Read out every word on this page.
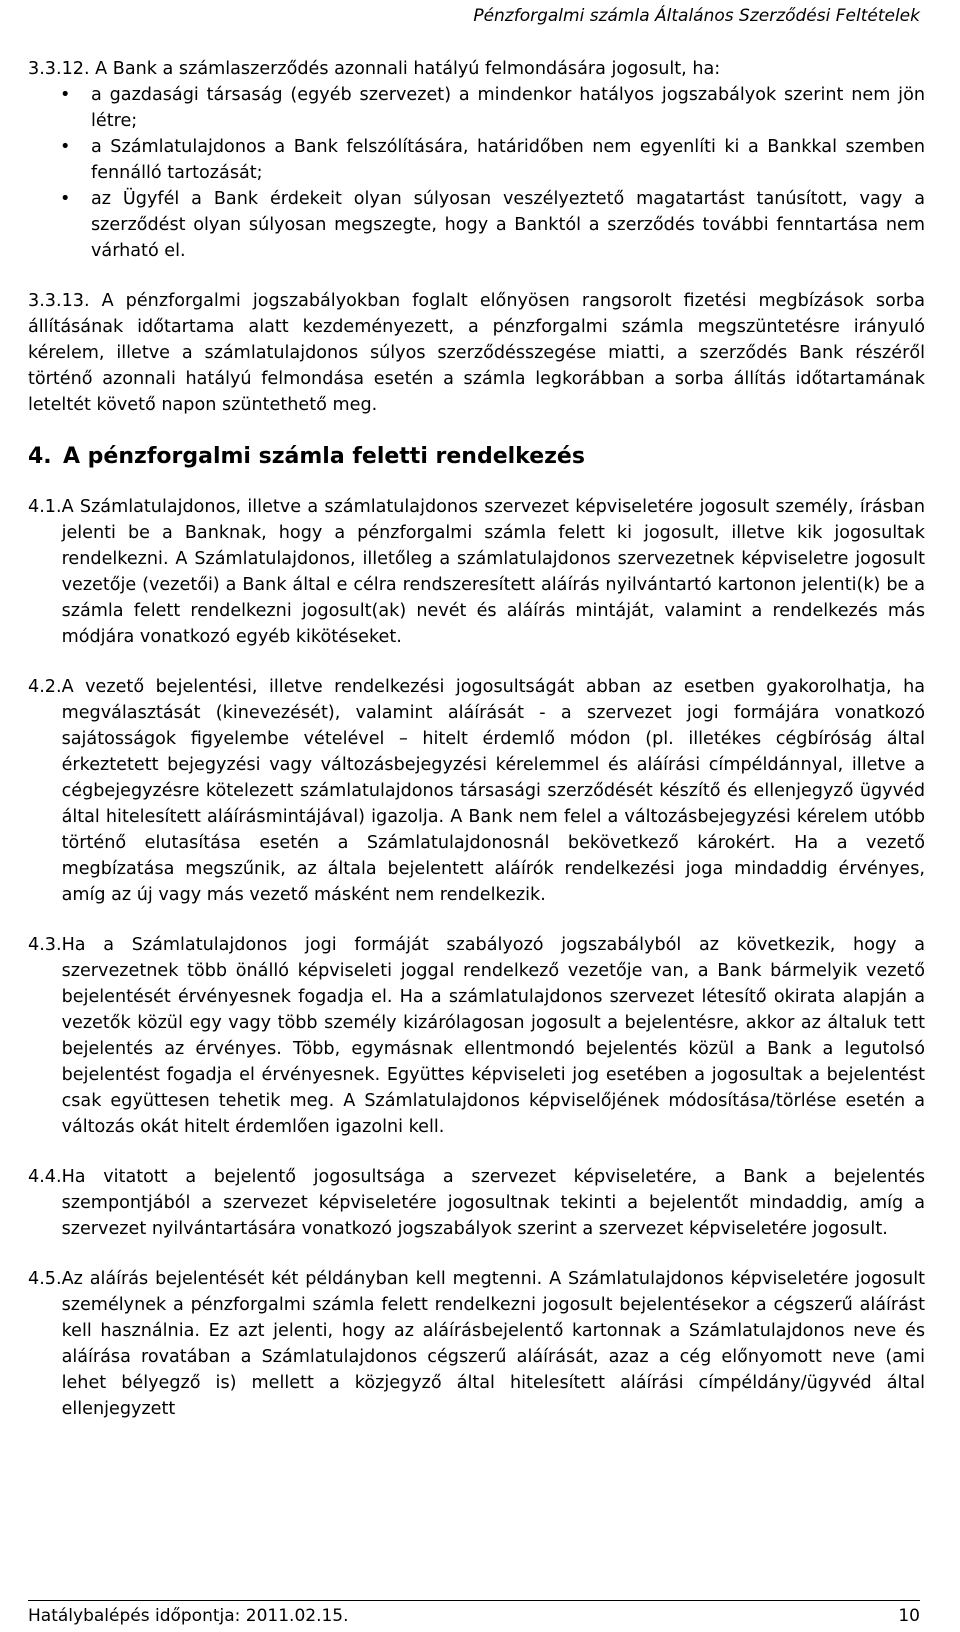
Pénzforgalmi számla Általános Szerződési Feltételek

3.3.12. A Bank a számlaszerződés azonnali hatályú felmondására jogosult, ha:

• a gazdasági társaság (egyéb szervezet) a mindenkor hatályos jogszabályok szerint nem jön létre;
• a Számlatulajdonos a Bank felszólítására, határidőben nem egyenlíti ki a Bankkal szemben fennálló tartozását;
• az Ügyfél a Bank érdekeit olyan súlyosan veszélyeztető magatartást tanúsított, vagy a szerződést olyan súlyosan megszegte, hogy a Banktól a szerződés további fenntartása nem várható el.

3.3.13. A pénzforgalmi jogszabályokban foglalt előnyösen rangsorolt fizetési megbízások sorba állításának időtartama alatt kezdeményezett, a pénzforgalmi számla megszüntetésre irányuló kérelem, illetve a számlatulajdonos súlyos szerződésszegése miatti, a szerződés Bank részéről történő azonnali hatályú felmondása esetén a számla legkorábban a sorba állítás időtartamának leteltét követő napon szüntethető meg.

4. A pénzforgalmi számla feletti rendelkezés
4.1. A Számlatulajdonos, illetve a számlatulajdonos szervezet képviseletére jogosult személy, írásban jelenti be a Banknak, hogy a pénzforgalmi számla felett ki jogosult, illetve kik jogosultak rendelkezni. A Számlatulajdonos, illetőleg a számlatulajdonos szervezetnek képviseletre jogosult vezetője (vezetői) a Bank által e célra rendszeresített aláírás nyilvántartó kartonon jelenti(k) be a számla felett rendelkezni jogosult(ak) nevét és aláírás mintáját, valamint a rendelkezés más módjára vonatkozó egyéb kikötéseket.
4.2. A vezető bejelentési, illetve rendelkezési jogosultságát abban az esetben gyakorolhatja, ha megválasztását (kinevezését), valamint aláírását - a szervezet jogi formájára vonatkozó sajátosságok figyelembe vételével – hitelt érdemlő módon (pl. illetékes cégbíróság által érkeztetett bejegyzési vagy változásbejegyzési kérelemmel és aláírási címpéldánnyal, illetve a cégbejegyzésre kötelezett számlatulajdonos társasági szerződését készítő és ellenjegyző ügyvéd által hitelesített aláírásmintájával) igazolja. A Bank nem felel a változásbejegyzési kérelem utóbb történő elutasítása esetén a Számlatulajdonosnál bekövetkező károkért. Ha a vezető megbízatása megszűnik, az általa bejelentett aláírók rendelkezési joga mindaddig érvényes, amíg az új vagy más vezető másként nem rendelkezik.
4.3. Ha a Számlatulajdonos jogi formáját szabályozó jogszabályból az következik, hogy a szervezetnek több önálló képviseleti joggal rendelkező vezetője van, a Bank bármelyik vezető bejelentését érvényesnek fogadja el. Ha a számlatulajdonos szervezet létesítő okirata alapján a vezetők közül egy vagy több személy kizárólagosan jogosult a bejelentésre, akkor az általuk tett bejelentés az érvényes. Több, egymásnak ellentmondó bejelentés közül a Bank a legutolsó bejelentést fogadja el érvényesnek. Együttes képviseleti jog esetében a jogosultak a bejelentést csak együttesen tehetik meg. A Számlatulajdonos képviselőjének módosítása/törlése esetén a változás okát hitelt érdemlően igazolni kell.
4.4. Ha vitatott a bejelentő jogosultsága a szervezet képviseletére, a Bank a bejelentés szempontjából a szervezet képviseletére jogosultnak tekinti a bejelentőt mindaddig, amíg a szervezet nyilvántartására vonatkozó jogszabályok szerint a szervezet képviseletére jogosult.
4.5. Az aláírás bejelentését két példányban kell megtenni. A Számlatulajdonos képviseletére jogosult személynek a pénzforgalmi számla felett rendelkezni jogosult bejelentésekor a cégszerű aláírást kell használnia. Ez azt jelenti, hogy az aláírásbejelentő kartonnak a Számlatulajdonos neve és aláírása rovatában a Számlatulajdonos cégszerű aláírását, azaz a cég előnyomott neve (ami lehet bélyegző is) mellett a közjegyző által hitelesített aláírási címpéldány/ügyvéd által ellenjegyzett
Hatálybalépés időpontja: 2011.02.15.	10
